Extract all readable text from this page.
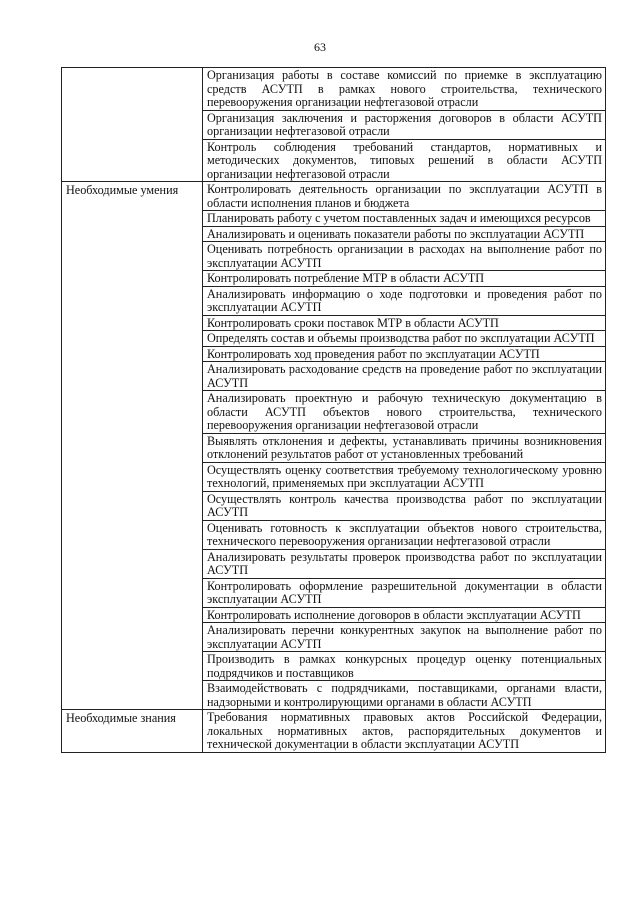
63
	Организация работы в составе комиссий по приемке в эксплуатацию средств АСУТП в рамках нового строительства, технического перевооружения организации нефтегазовой отрасли
	Организация заключения и расторжения договоров в области АСУТП организации нефтегазовой отрасли
	Контроль соблюдения требований стандартов, нормативных и методических документов, типовых решений в области АСУТП организации нефтегазовой отрасли
Необходимые умения	Контролировать деятельность организации по эксплуатации АСУТП в области исполнения планов и бюджета
	Планировать работу с учетом поставленных задач и имеющихся ресурсов
	Анализировать и оценивать показатели работы по эксплуатации АСУТП
	Оценивать потребность организации в расходах на выполнение работ по эксплуатации АСУТП
	Контролировать потребление МТР в области АСУТП
	Анализировать информацию о ходе подготовки и проведения работ по эксплуатации АСУТП
	Контролировать сроки поставок МТР в области АСУТП
	Определять состав и объемы производства работ по эксплуатации АСУТП
	Контролировать ход проведения работ по эксплуатации АСУТП
	Анализировать расходование средств на проведение работ по эксплуатации АСУТП
	Анализировать проектную и рабочую техническую документацию в области АСУТП объектов нового строительства, технического перевооружения организации нефтегазовой отрасли
	Выявлять отклонения и дефекты, устанавливать причины возникновения отклонений результатов работ от установленных требований
	Осуществлять оценку соответствия требуемому технологическому уровню технологий, применяемых при эксплуатации АСУТП
	Осуществлять контроль качества производства работ по эксплуатации АСУТП
	Оценивать готовность к эксплуатации объектов нового строительства, технического перевооружения организации нефтегазовой отрасли
	Анализировать результаты проверок производства работ по эксплуатации АСУТП
	Контролировать оформление разрешительной документации в области эксплуатации АСУТП
	Контролировать исполнение договоров в области эксплуатации АСУТП
	Анализировать перечни конкурентных закупок на выполнение работ по эксплуатации АСУТП
	Производить в рамках конкурсных процедур оценку потенциальных подрядчиков и поставщиков
	Взаимодействовать с подрядчиками, поставщиками, органами власти, надзорными и контролирующими органами в области АСУТП
Необходимые знания	Требования нормативных правовых актов Российской Федерации, локальных нормативных актов, распорядительных документов и технической документации в области эксплуатации АСУТП
